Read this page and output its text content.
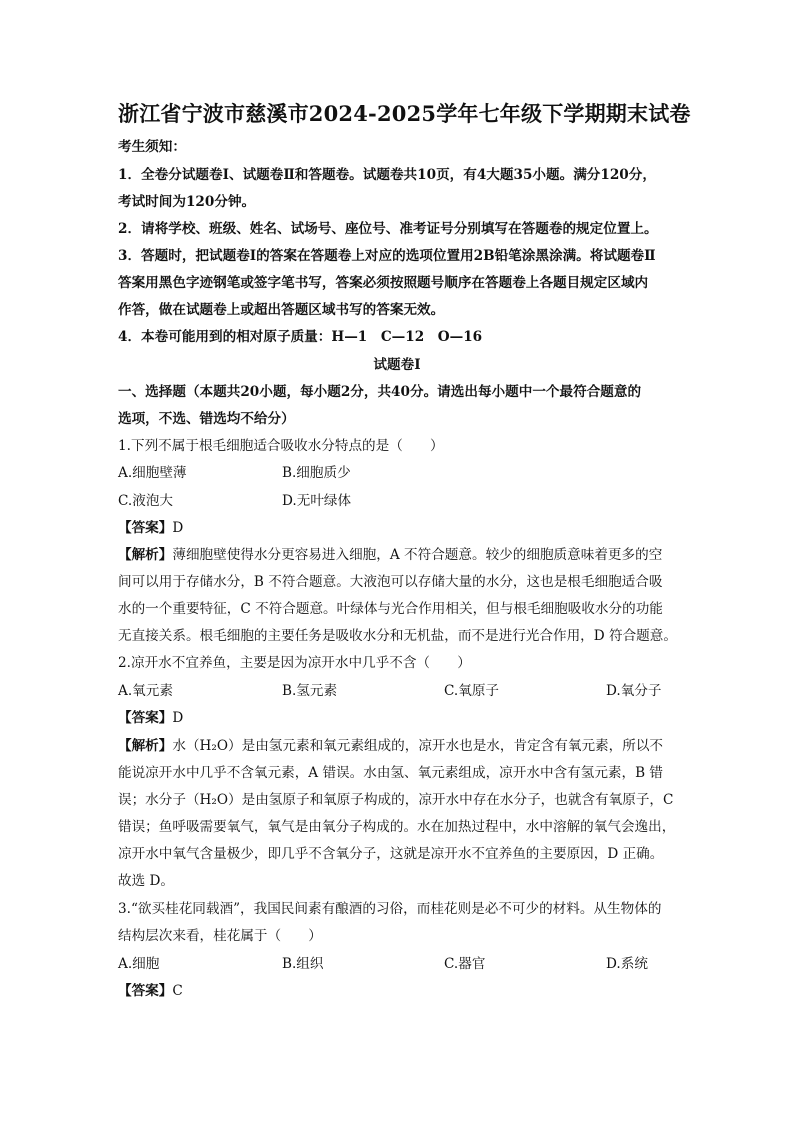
浙江省宁波市慈溪市2024-2025学年七年级下学期期末试卷
考生须知：
1．全卷分试题卷Ⅰ、试题卷Ⅱ和答题卷。试题卷共10页，有4大题35小题。满分120分，
考试时间为120分钟。
2．请将学校、班级、姓名、试场号、座位号、准考证号分别填写在答题卷的规定位置上。
3．答题时，把试题卷Ⅰ的答案在答题卷上对应的选项位置用2B铅笔涂黑涂满。将试题卷Ⅱ
答案用黑色字迹钢笔或签字笔书写，答案必须按照题号顺序在答题卷上各题目规定区域内
作答，做在试题卷上或超出答题区域书写的答案无效。
4．本卷可能用到的相对原子质量：H—1　C—12　O—16
试题卷Ⅰ
一、选择题（本题共20小题，每小题2分，共40分。请选出每小题中一个最符合题意的
选项，不选、错选均不给分）
1.下列不属于根毛细胞适合吸收水分特点的是（　　）
A.细胞壁薄	B.细胞质少
C.液泡大	D.无叶绿体
【答案】D
【解析】薄细胞壁使得水分更容易进入细胞，A 不符合题意。较少的细胞质意味着更多的空
间可以用于存储水分，B 不符合题意。大液泡可以存储大量的水分，这也是根毛细胞适合吸
水的一个重要特征，C 不符合题意。叶绿体与光合作用相关，但与根毛细胞吸收水分的功能
无直接关系。根毛细胞的主要任务是吸收水分和无机盐，而不是进行光合作用，D 符合题意。
2.凉开水不宜养鱼，主要是因为凉开水中几乎不含（　　）
A.氧元素	B.氢元素	C.氧原子	D.氧分子
【答案】D
【解析】水（H₂O）是由氢元素和氧元素组成的，凉开水也是水，肯定含有氧元素，所以不
能说凉开水中几乎不含氧元素，A 错误。水由氢、氧元素组成，凉开水中含有氢元素，B 错
误；水分子（H₂O）是由氢原子和氧原子构成的，凉开水中存在水分子，也就含有氧原子，C
错误；鱼呼吸需要氧气，氧气是由氧分子构成的。水在加热过程中，水中溶解的氧气会逸出，
凉开水中氧气含量极少，即几乎不含氧分子，这就是凉开水不宜养鱼的主要原因，D 正确。
故选 D。
3.“欲买桂花同载酒”，我国民间素有酿酒的习俗，而桂花则是必不可少的材料。从生物体的
结构层次来看，桂花属于（　　）
A.细胞	B.组织	C.器官	D.系统
【答案】C
